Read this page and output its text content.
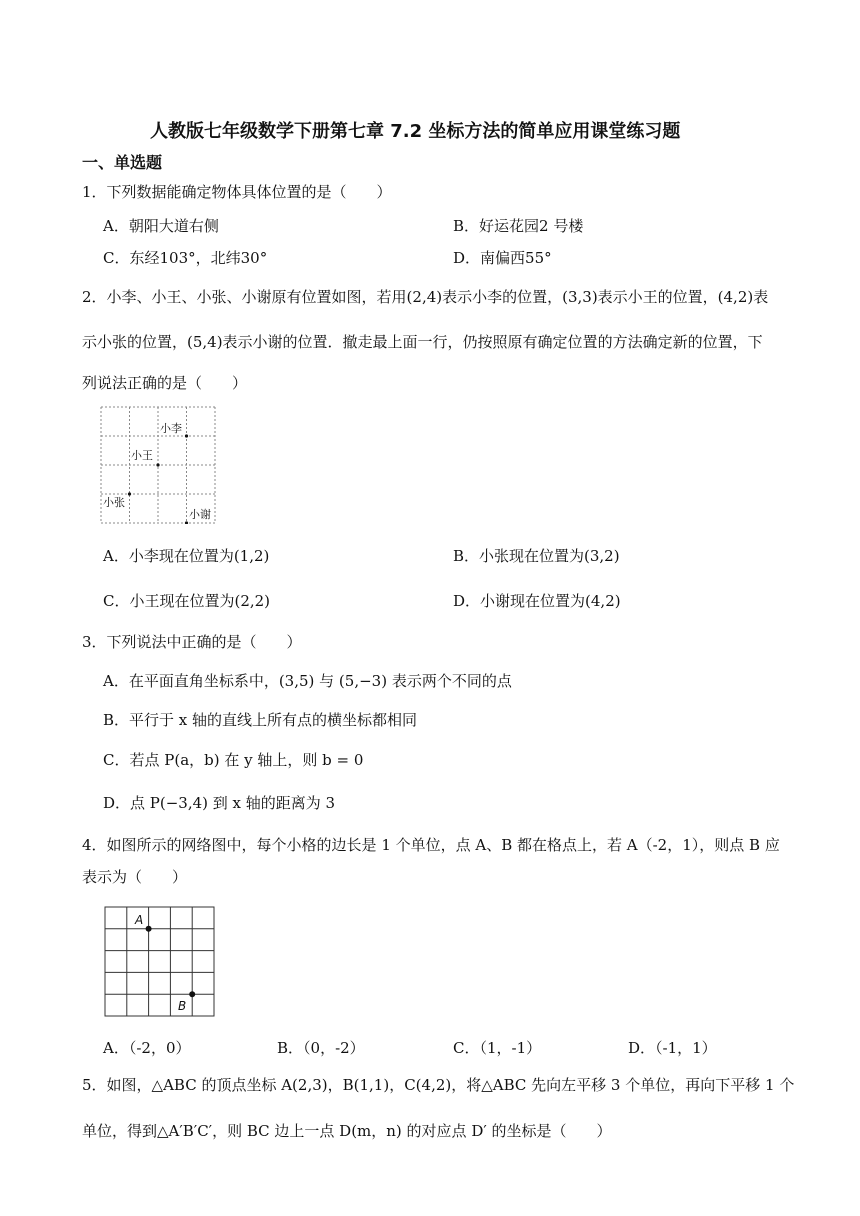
人教版七年级数学下册第七章 7.2 坐标方法的简单应用课堂练习题
一、单选题
1．下列数据能确定物体具体位置的是（　　）
A．朝阳大道右侧	B．好运花园2 号楼
C．东经103°，北纬30°	D．南偏西55°
2．小李、小王、小张、小谢原有位置如图，若用(2,4)表示小李的位置，(3,3)表示小王的位置，(4,2)表
示小张的位置，(5,4)表示小谢的位置．撤走最上面一行，仍按照原有确定位置的方法确定新的位置，下
列说法正确的是（　　）
小李
小王
小张
小谢
A．小李现在位置为(1,2)	B．小张现在位置为(3,2)
C．小王现在位置为(2,2)	D．小谢现在位置为(4,2)
3．下列说法中正确的是（　　）
A．在平面直角坐标系中，(3,5) 与 (5,−3) 表示两个不同的点
B．平行于 x 轴的直线上所有点的横坐标都相同
C．若点 P(a，b) 在 y 轴上，则 b = 0
D．点 P(−3,4) 到 x 轴的距离为 3
4．如图所示的网络图中，每个小格的边长是 1 个单位，点 A、B 都在格点上，若 A（-2，1），则点 B 应
表示为（　　）
A
B
A．（-2，0）	B．（0，-2）	C．（1，-1）	D．（-1，1）
5．如图，△ABC 的顶点坐标 A(2,3)，B(1,1)，C(4,2)，将△ABC 先向左平移 3 个单位，再向下平移 1 个
单位，得到△A′B′C′，则 BC 边上一点 D(m，n) 的对应点 D′ 的坐标是（　　）
